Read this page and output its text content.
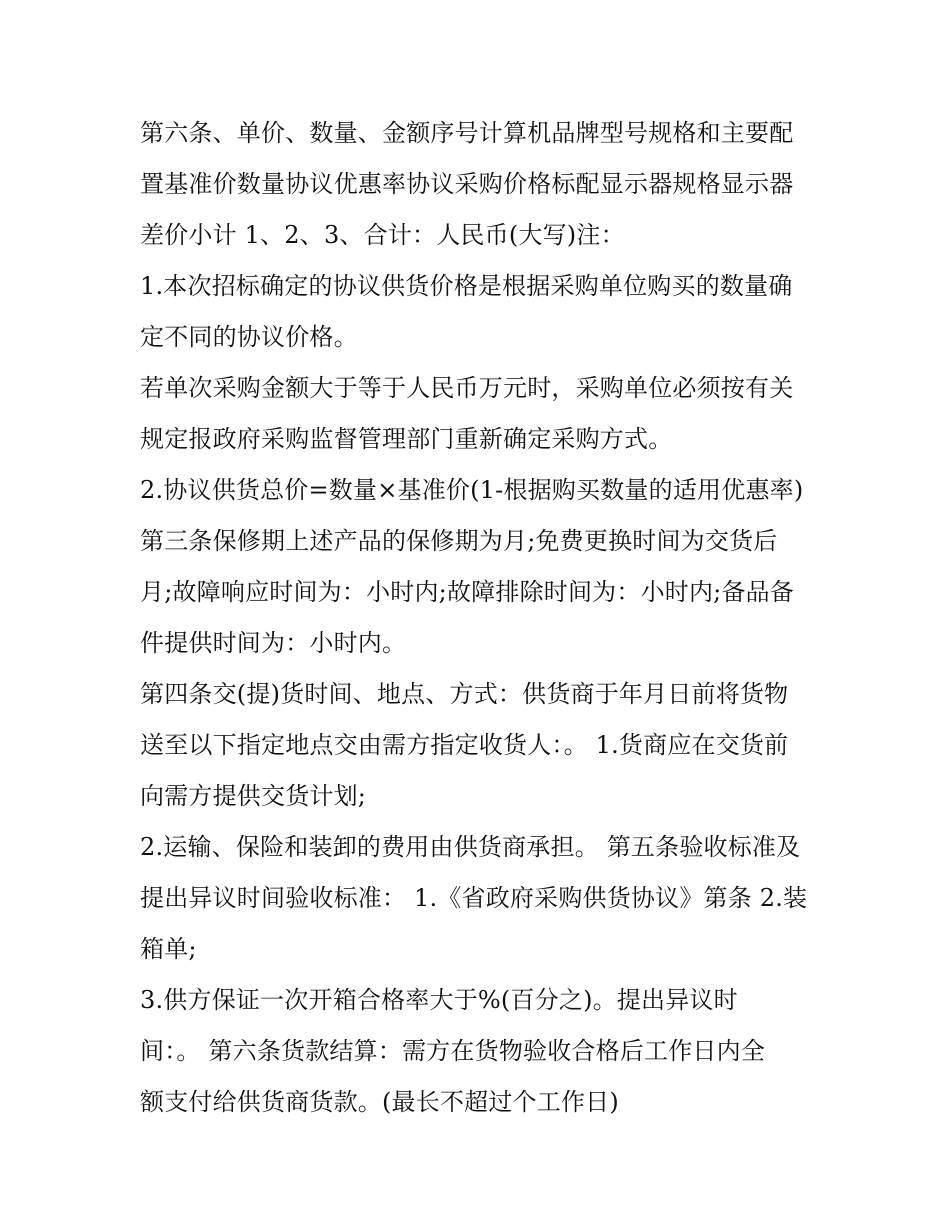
第六条、单价、数量、金额序号计算机品牌型号规格和主要配
置基准价数量协议优惠率协议采购价格标配显示器规格显示器
差价小计 1、2、3、合计：人民币(大写)注：
1.本次招标确定的协议供货价格是根据采购单位购买的数量确
定不同的协议价格。
若单次采购金额大于等于人民币万元时，采购单位必须按有关
规定报政府采购监督管理部门重新确定采购方式。
2.协议供货总价=数量×基准价(1-根据购买数量的适用优惠率)
第三条保修期上述产品的保修期为月;免费更换时间为交货后
月;故障响应时间为：小时内;故障排除时间为：小时内;备品备
件提供时间为：小时内。
第四条交(提)货时间、地点、方式：供货商于年月日前将货物
送至以下指定地点交由需方指定收货人：。 1.货商应在交货前
向需方提供交货计划;
2.运输、保险和装卸的费用由供货商承担。 第五条验收标准及
提出异议时间验收标准： 1.《省政府采购供货协议》第条 2.装
箱单;
3.供方保证一次开箱合格率大于%(百分之)。提出异议时
间：。 第六条货款结算：需方在货物验收合格后工作日内全
额支付给供货商货款。(最长不超过个工作日)
